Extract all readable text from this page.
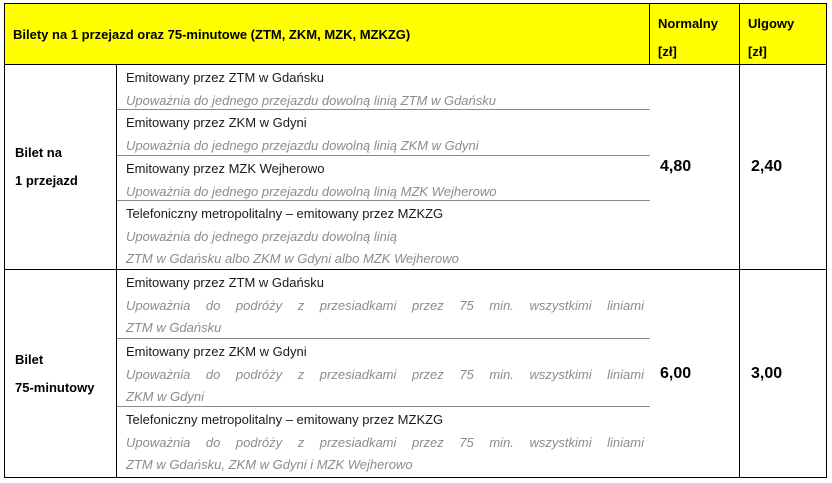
Bilety na 1 przejazd oraz 75-minutowe (ZTM, ZKM, MZK, MZKZG)
Normalny
[zł]
Ulgowy
[zł]
Bilet na
1 przejazd
Emitowany przez ZTM w Gdańsku
Upoważnia do jednego przejazdu dowolną linią ZTM w Gdańsku
Emitowany przez ZKM w Gdyni
Upoważnia do jednego przejazdu dowolną linią ZKM w Gdyni
Emitowany przez MZK Wejherowo
Upoważnia do jednego przejazdu dowolną linią MZK Wejherowo
Telefoniczny metropolitalny – emitowany przez MZKZG
Upoważnia do jednego przejazdu dowolną linią
ZTM w Gdańsku albo ZKM w Gdyni albo MZK Wejherowo
4,80	2,40
Bilet
75-minutowy
Emitowany przez ZTM w Gdańsku
Upoważnia do podróży z przesiadkami przez 75 min. wszystkimi liniami
ZTM w Gdańsku
Emitowany przez ZKM w Gdyni
Upoważnia do podróży z przesiadkami przez 75 min. wszystkimi liniami
ZKM w Gdyni
Telefoniczny metropolitalny – emitowany przez MZKZG
Upoważnia do podróży z przesiadkami przez 75 min. wszystkimi liniami
ZTM w Gdańsku, ZKM w Gdyni i MZK Wejherowo
6,00	3,00
